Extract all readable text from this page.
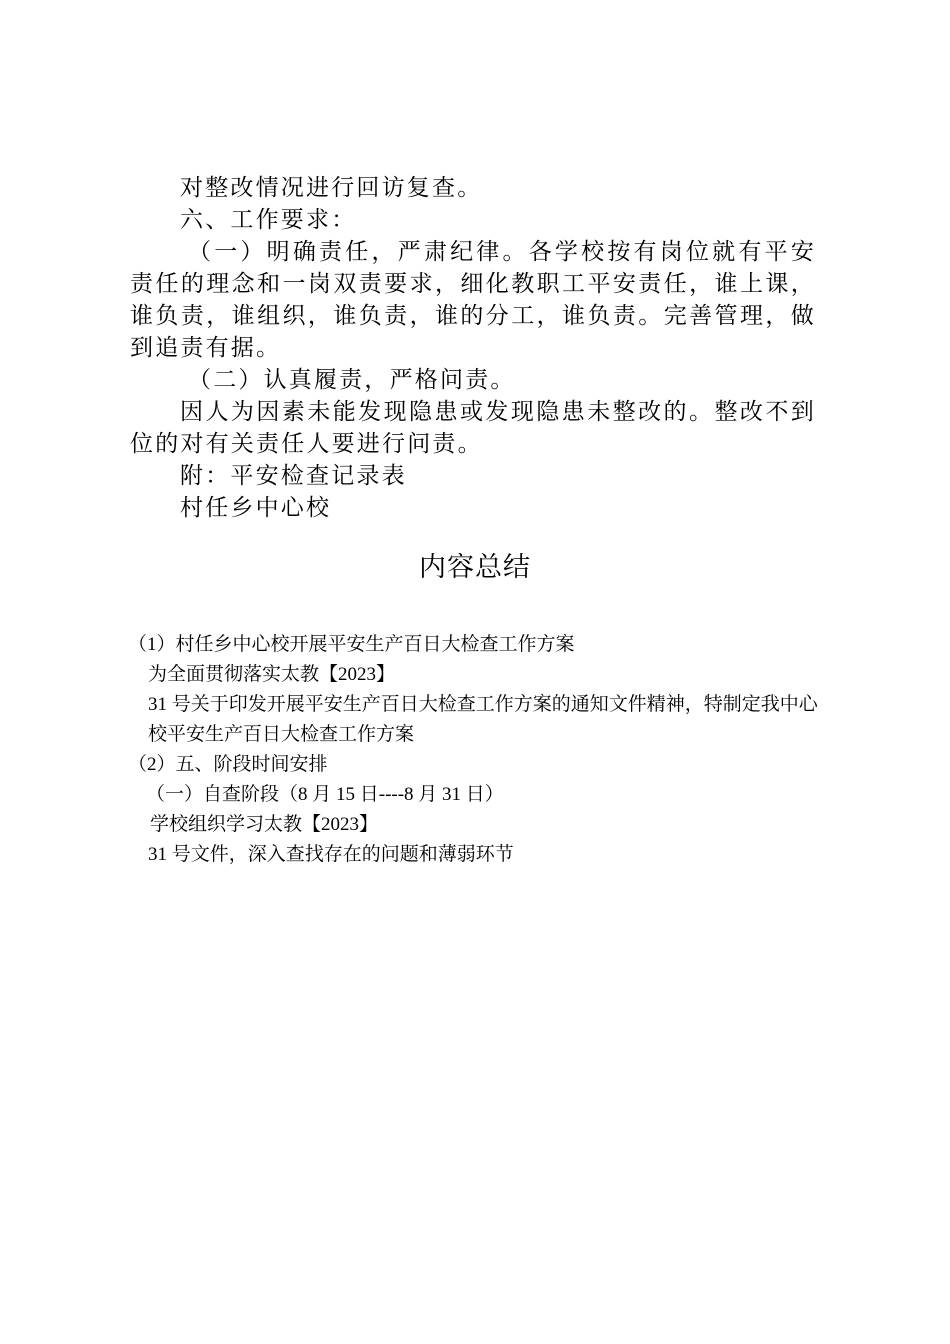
对整改情况进行回访复查。

六、工作要求：

（一）明确责任，严肃纪律。各学校按有岗位就有平安责任的理念和一岗双责要求，细化教职工平安责任，谁上课，谁负责，谁组织，谁负责，谁的分工，谁负责。完善管理，做到追责有据。

（二）认真履责，严格问责。

因人为因素未能发现隐患或发现隐患未整改的。整改不到位的对有关责任人要进行问责。

附：平安检查记录表

村任乡中心校

内容总结

（1）村任乡中心校开展平安生产百日大检查工作方案

为全面贯彻落实太教【2023】

31 号关于印发开展平安生产百日大检查工作方案的通知文件精神，特制定我中心校平安生产百日大检查工作方案

（2）五、阶段时间安排

（一）自查阶段（8 月 15 日----8 月 31 日）

学校组织学习太教【2023】

31 号文件，深入查找存在的问题和薄弱环节
